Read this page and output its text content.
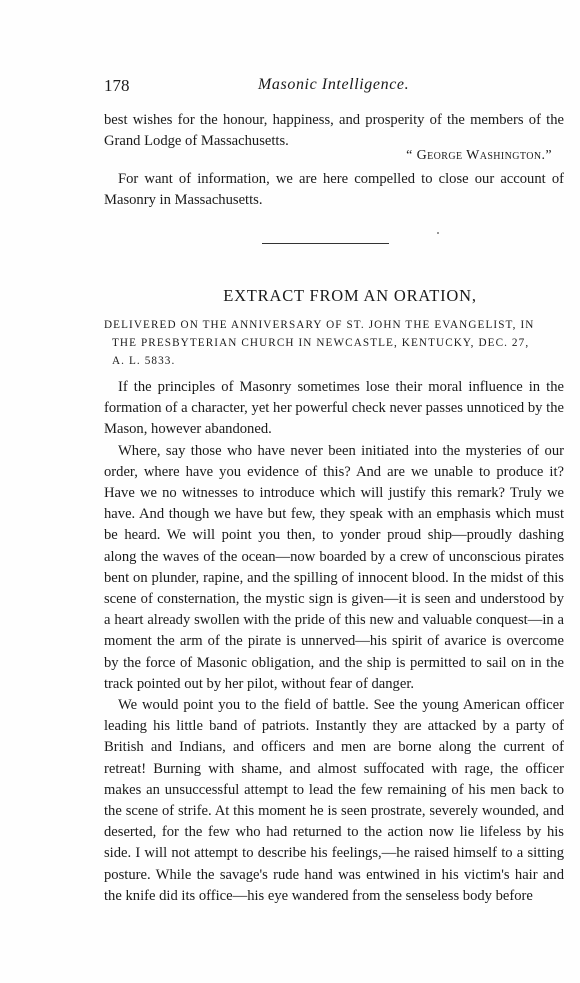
178	Masonic Intelligence.

best wishes for the honour, happiness, and prosperity of the members of the Grand Lodge of Massachusetts.

“ George Washington.”

For want of information, we are here compelled to close our account of Masonry in Massachusetts.

EXTRACT FROM AN ORATION,
DELIVERED ON THE ANNIVERSARY OF ST. JOHN THE EVANGELIST, IN
THE PRESBYTERIAN CHURCH IN NEWCASTLE, KENTUCKY, DEC. 27,
A. L. 5833.

If the principles of Masonry sometimes lose their moral influence in the formation of a character, yet her powerful check never passes unnoticed by the Mason, however abandoned.

Where, say those who have never been initiated into the mysteries of our order, where have you evidence of this? And are we unable to produce it? Have we no witnesses to introduce which will justify this remark? Truly we have. And though we have but few, they speak with an emphasis which must be heard. We will point you then, to yonder proud ship—proudly dashing along the waves of the ocean—now boarded by a crew of unconscious pirates bent on plunder, rapine, and the spilling of innocent blood. In the midst of this scene of consternation, the mystic sign is given—it is seen and understood by a heart already swollen with the pride of this new and valuable conquest—in a moment the arm of the pirate is unnerved—his spirit of avarice is overcome by the force of Masonic obligation, and the ship is permitted to sail on in the track pointed out by her pilot, without fear of danger.

We would point you to the field of battle. See the young American officer leading his little band of patriots. Instantly they are attacked by a party of British and Indians, and officers and men are borne along the current of retreat! Burning with shame, and almost suffocated with rage, the officer makes an unsuccessful attempt to lead the few remaining of his men back to the scene of strife. At this moment he is seen prostrate, severely wounded, and deserted, for the few who had returned to the action now lie lifeless by his side. I will not attempt to describe his feelings,—he raised himself to a sitting posture. While the savage's rude hand was entwined in his victim's hair and the knife did its office—his eye wandered from the senseless body before
